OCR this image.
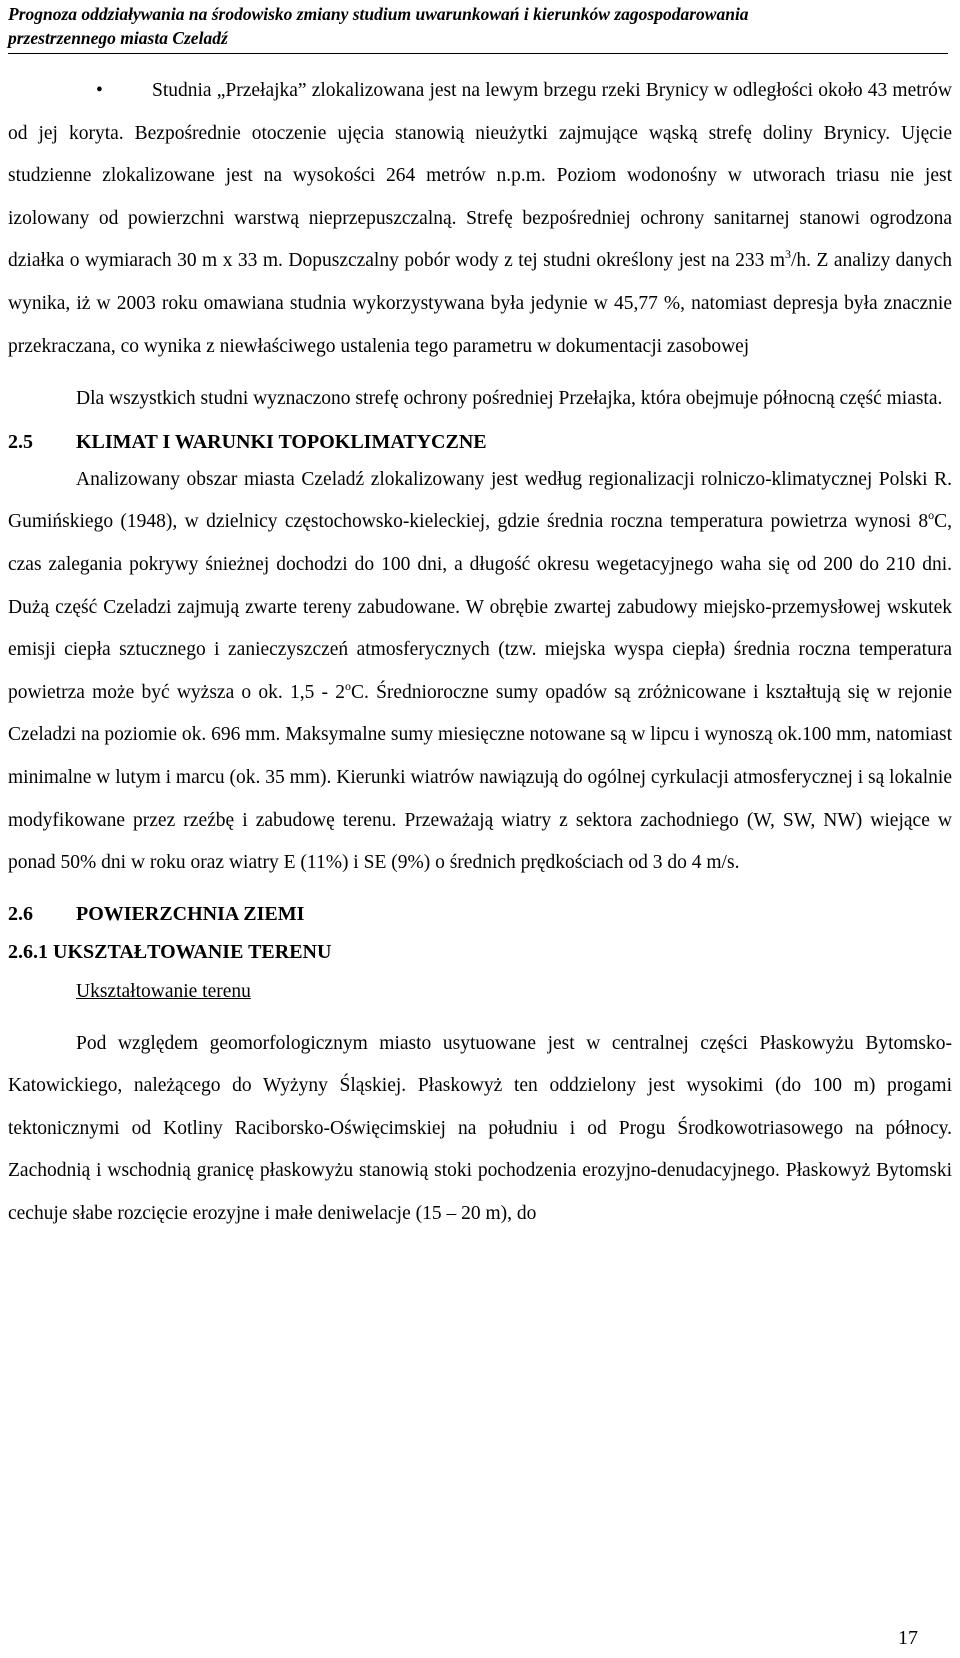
Prognoza oddziaływania na środowisko zmiany studium uwarunkowań i kierunków zagospodarowania
przestrzennego miasta Czeladź
•	Studnia „Przełajka” zlokalizowana jest na lewym brzegu rzeki Brynicy w odległości około 43 metrów od jej koryta. Bezpośrednie otoczenie ujęcia stanowią nieużytki zajmujące wąską strefę doliny Brynicy. Ujęcie studzienne zlokalizowane jest na wysokości 264 metrów n.p.m. Poziom wodonośny w utworach triasu nie jest izolowany od powierzchni warstwą nieprzepuszczalną. Strefę bezpośredniej ochrony sanitarnej stanowi ogrodzona działka o wymiarach 30 m x 33 m. Dopuszczalny pobór wody z tej studni określony jest na 233 $m^3/h$. Z analizy danych wynika, iż w 2003 roku omawiana studnia wykorzystywana była jedynie w 45,77 %, natomiast depresja była znacznie przekraczana, co wynika z niewłaściwego ustalenia tego parametru w dokumentacji zasobowej

Dla wszystkich studni wyznaczono strefę ochrony pośredniej Przełajka, która obejmuje północną część miasta.

2.5 KLIMAT I WARUNKI TOPOKLIMATYCZNE

Analizowany obszar miasta Czeladź zlokalizowany jest według regionalizacji rolniczo-klimatycznej Polski R. Gumińskiego (1948), w dzielnicy częstochowsko-kieleckiej, gdzie średnia roczna temperatura powietrza wynosi 8$^o$C, czas zalegania pokrywy śnieżnej dochodzi do 100 dni, a długość okresu wegetacyjnego waha się od 200 do 210 dni. Dużą część Czeladzi zajmują zwarte tereny zabudowane. W obrębie zwartej zabudowy miejsko-przemysłowej wskutek emisji ciepła sztucznego i zanieczyszczeń atmosferycznych (tzw. miejska wyspa ciepła) średnia roczna temperatura powietrza może być wyższa o ok. 1,5 - 2$^o$C. Średnioroczne sumy opadów są zróżnicowane i kształtują się w rejonie Czeladzi na poziomie ok. 696 mm. Maksymalne sumy miesięczne notowane są w lipcu i wynoszą ok.100 mm, natomiast minimalne w lutym i marcu (ok. 35 mm). Kierunki wiatrów nawiązują do ogólnej cyrkulacji atmosferycznej i są lokalnie modyfikowane przez rzeźbę i zabudowę terenu. Przeważają wiatry z sektora zachodniego (W, SW, NW) wiejące w ponad 50% dni w roku oraz wiatry E (11%) i SE (9%) o średnich prędkościach od 3 do 4 m/s.

2.6 POWIERZCHNIA ZIEMI
2.6.1 UKSZTAŁTOWANIE TERENU
Ukształtowanie terenu

Pod względem geomorfologicznym miasto usytuowane jest w centralnej części Płaskowyżu Bytomsko-Katowickiego, należącego do Wyżyny Śląskiej. Płaskowyż ten oddzielony jest wysokimi (do 100 m) progami tektonicznymi od Kotliny Raciborsko-Oświęcimskiej na południu i od Progu Środkowotriasowego na północy. Zachodnią i wschodnią granicę płaskowyżu stanowią stoki pochodzenia erozyjno-denudacyjnego. Płaskowyż Bytomski cechuje słabe rozcięcie erozyjne i małe deniwelacje (15 – 20 m), do

17
